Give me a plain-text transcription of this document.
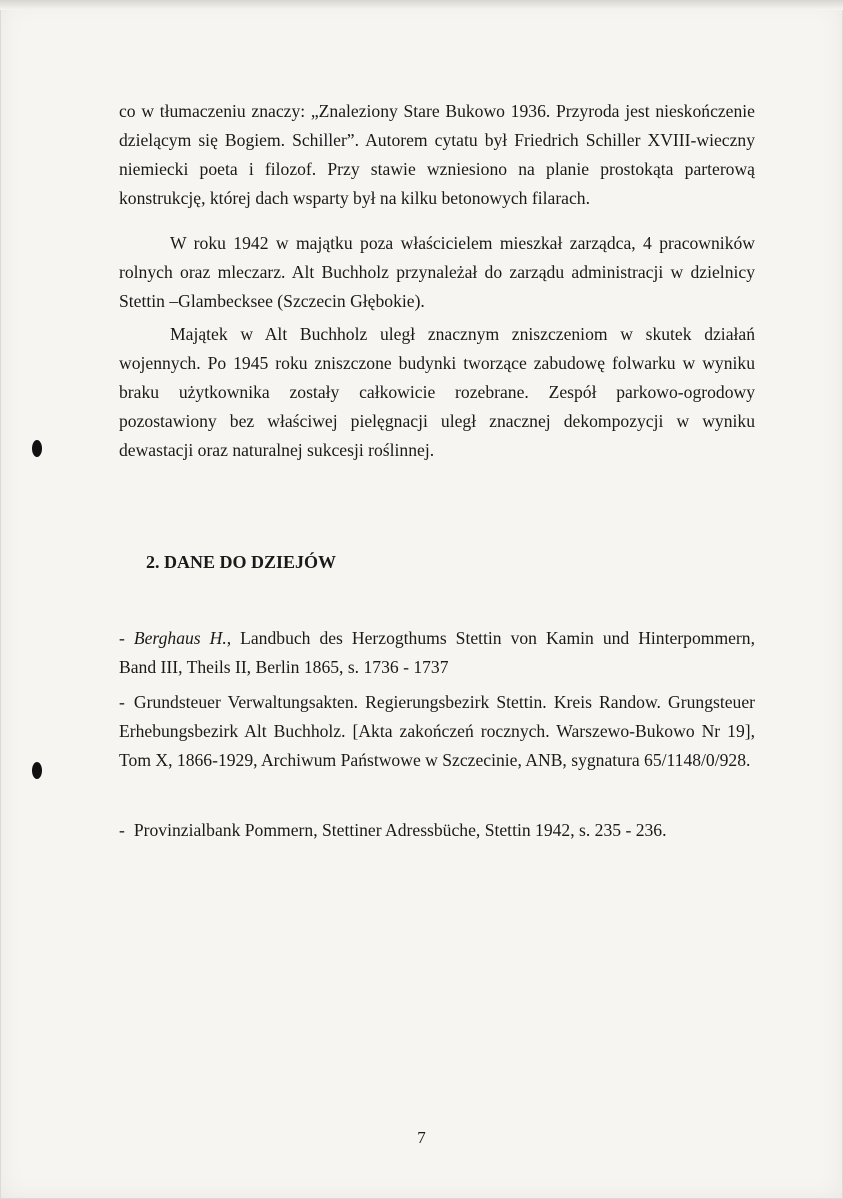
co w tłumaczeniu znaczy: „Znaleziony Stare Bukowo 1936. Przyroda jest nieskończenie dzielącym się Bogiem. Schiller”. Autorem cytatu był Friedrich Schiller XVIII-wieczny niemiecki poeta i filozof. Przy stawie wzniesiono na planie prostokąta parterową konstrukcję, której dach wsparty był na kilku betonowych filarach.

W roku 1942 w majątku poza właścicielem mieszkał zarządca, 4 pracowników rolnych oraz mleczarz. Alt Buchholz przynależał do zarządu administracji w dzielnicy Stettin –Glambecksee (Szczecin Głębokie).

Majątek w Alt Buchholz uległ znacznym zniszczeniom w skutek działań wojennych. Po 1945 roku zniszczone budynki tworzące zabudowę folwarku w wyniku braku użytkownika zostały całkowicie rozebrane. Zespół parkowo-ogrodowy pozostawiony bez właściwej pielęgnacji uległ znacznej dekompozycji w wyniku dewastacji oraz naturalnej sukcesji roślinnej.

2. DANE DO DZIEJÓW

- Berghaus H., Landbuch des Herzogthums Stettin von Kamin und Hinterpommern, Band III, Theils II, Berlin 1865, s. 1736 - 1737

- Grundsteuer Verwaltungsakten. Regierungsbezirk Stettin. Kreis Randow. Grungsteuer Erhebungsbezirk Alt Buchholz. [Akta zakończeń rocznych. Warszewo-Bukowo Nr 19], Tom X, 1866-1929, Archiwum Państwowe w Szczecinie, ANB, sygnatura 65/1148/0/928.

- Provinzialbank Pommern, Stettiner Adressbüche, Stettin 1942, s. 235 - 236.

7
